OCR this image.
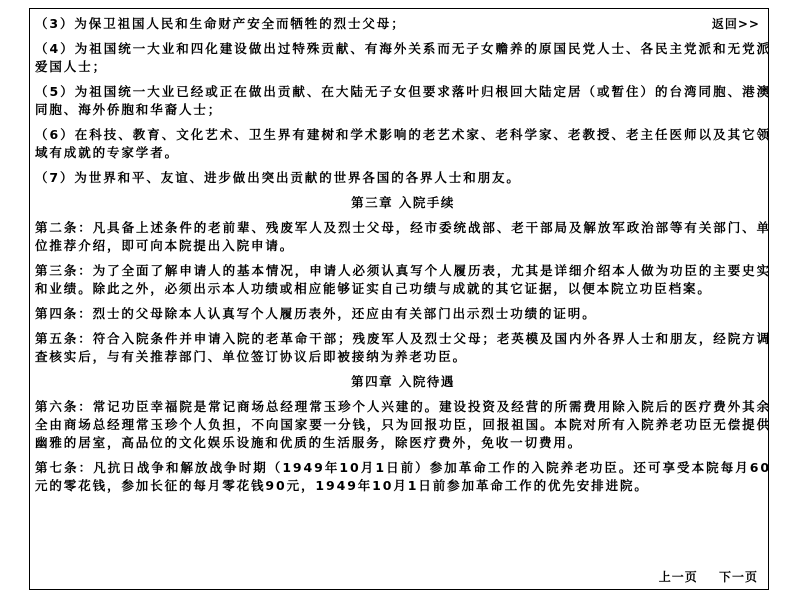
返回>>

（3）为保卫祖国人民和生命财产安全而牺牲的烈士父母；

（4）为祖国统一大业和四化建设做出过特殊贡献、有海外关系而无子女赡养的原国民党人士、各民主党派和无党派爱国人士；

（5）为祖国统一大业已经或正在做出贡献、在大陆无子女但要求落叶归根回大陆定居（或暂住）的台湾同胞、港澳同胞、海外侨胞和华裔人士；

（6）在科技、教育、文化艺术、卫生界有建树和学术影响的老艺术家、老科学家、老教授、老主任医师以及其它领域有成就的专家学者。

（7）为世界和平、友谊、进步做出突出贡献的世界各国的各界人士和朋友。

第三章 入院手续

第二条：凡具备上述条件的老前辈、残废军人及烈士父母，经市委统战部、老干部局及解放军政治部等有关部门、单位推荐介绍，即可向本院提出入院申请。

第三条：为了全面了解申请人的基本情况，申请人必须认真写个人履历表，尤其是详细介绍本人做为功臣的主要史实和业绩。除此之外，必须出示本人功绩或相应能够证实自己功绩与成就的其它证据，以便本院立功臣档案。

第四条：烈士的父母除本人认真写个人履历表外，还应由有关部门出示烈士功绩的证明。

第五条：符合入院条件并申请入院的老革命干部；残废军人及烈士父母；老英模及国内外各界人士和朋友，经院方调查核实后，与有关推荐部门、单位签订协议后即被接纳为养老功臣。

第四章 入院待遇

第六条：常记功臣幸福院是常记商场总经理常玉珍个人兴建的。建设投资及经营的所需费用除入院后的医疗费外其余全由商场总经理常玉珍个人负担，不向国家要一分钱，只为回报功臣，回报祖国。本院对所有入院养老功臣无偿提供幽雅的居室，高品位的文化娱乐设施和优质的生活服务，除医疗费外，免收一切费用。

第七条：凡抗日战争和解放战争时期（1949年10月1日前）参加革命工作的入院养老功臣。还可享受本院每月60元的零花钱，参加长征的每月零花钱90元，1949年10月1日前参加革命工作的优先安排进院。

上一页 下一页
